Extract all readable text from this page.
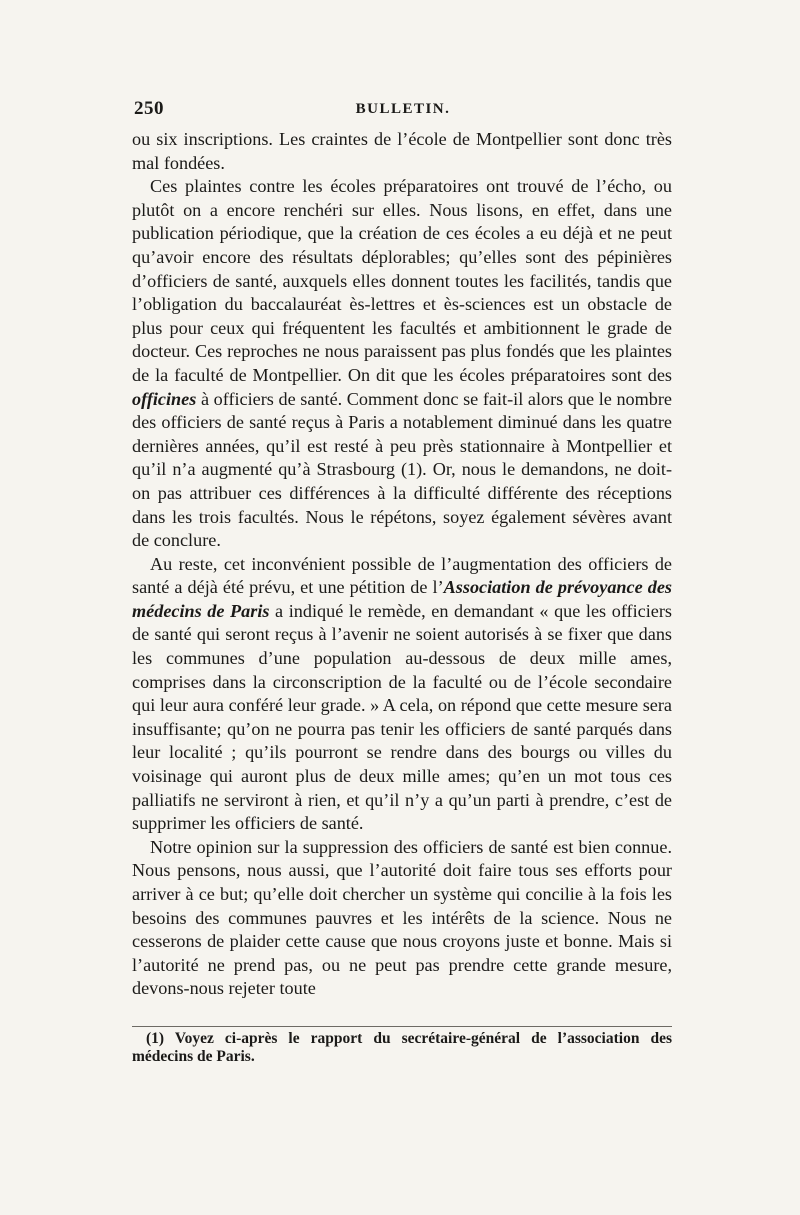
250	BULLETIN.

ou six inscriptions. Les craintes de l’école de Montpellier sont donc très mal fondées.

Ces plaintes contre les écoles préparatoires ont trouvé de l’écho, ou plutôt on a encore renchéri sur elles. Nous lisons, en effet, dans une publication périodique, que la création de ces écoles a eu déjà et ne peut qu’avoir encore des résultats déplorables; qu’elles sont des pépinières d’officiers de santé, auxquels elles donnent toutes les facilités, tandis que l’obligation du baccalauréat ès-lettres et ès-sciences est un obstacle de plus pour ceux qui fréquentent les facultés et ambitionnent le grade de docteur. Ces reproches ne nous paraissent pas plus fondés que les plaintes de la faculté de Montpellier. On dit que les écoles préparatoires sont des officines à officiers de santé. Comment donc se fait-il alors que le nombre des officiers de santé reçus à Paris a notablement diminué dans les quatre dernières années, qu’il est resté à peu près stationnaire à Montpellier et qu’il n’a augmenté qu’à Strasbourg (1). Or, nous le demandons, ne doit-on pas attribuer ces différences à la difficulté différente des réceptions dans les trois facultés. Nous le répétons, soyez également sévères avant de conclure.

Au reste, cet inconvénient possible de l’augmentation des officiers de santé a déjà été prévu, et une pétition de l’Association de prévoyance des médecins de Paris a indiqué le remède, en demandant « que les officiers de santé qui seront reçus à l’avenir ne soient autorisés à se fixer que dans les communes d’une population au-dessous de deux mille ames, comprises dans la circonscription de la faculté ou de l’école secondaire qui leur aura conféré leur grade. » A cela, on répond que cette mesure sera insuffisante; qu’on ne pourra pas tenir les officiers de santé parqués dans leur localité ; qu’ils pourront se rendre dans des bourgs ou villes du voisinage qui auront plus de deux mille ames; qu’en un mot tous ces palliatifs ne serviront à rien, et qu’il n’y a qu’un parti à prendre, c’est de supprimer les officiers de santé.

Notre opinion sur la suppression des officiers de santé est bien connue. Nous pensons, nous aussi, que l’autorité doit faire tous ses efforts pour arriver à ce but; qu’elle doit chercher un système qui concilie à la fois les besoins des communes pauvres et les intérêts de la science. Nous ne cesserons de plaider cette cause que nous croyons juste et bonne. Mais si l’autorité ne prend pas, ou ne peut pas prendre cette grande mesure, devons-nous rejeter toute

(1) Voyez ci-après le rapport du secrétaire-général de l’association des médecins de Paris.
